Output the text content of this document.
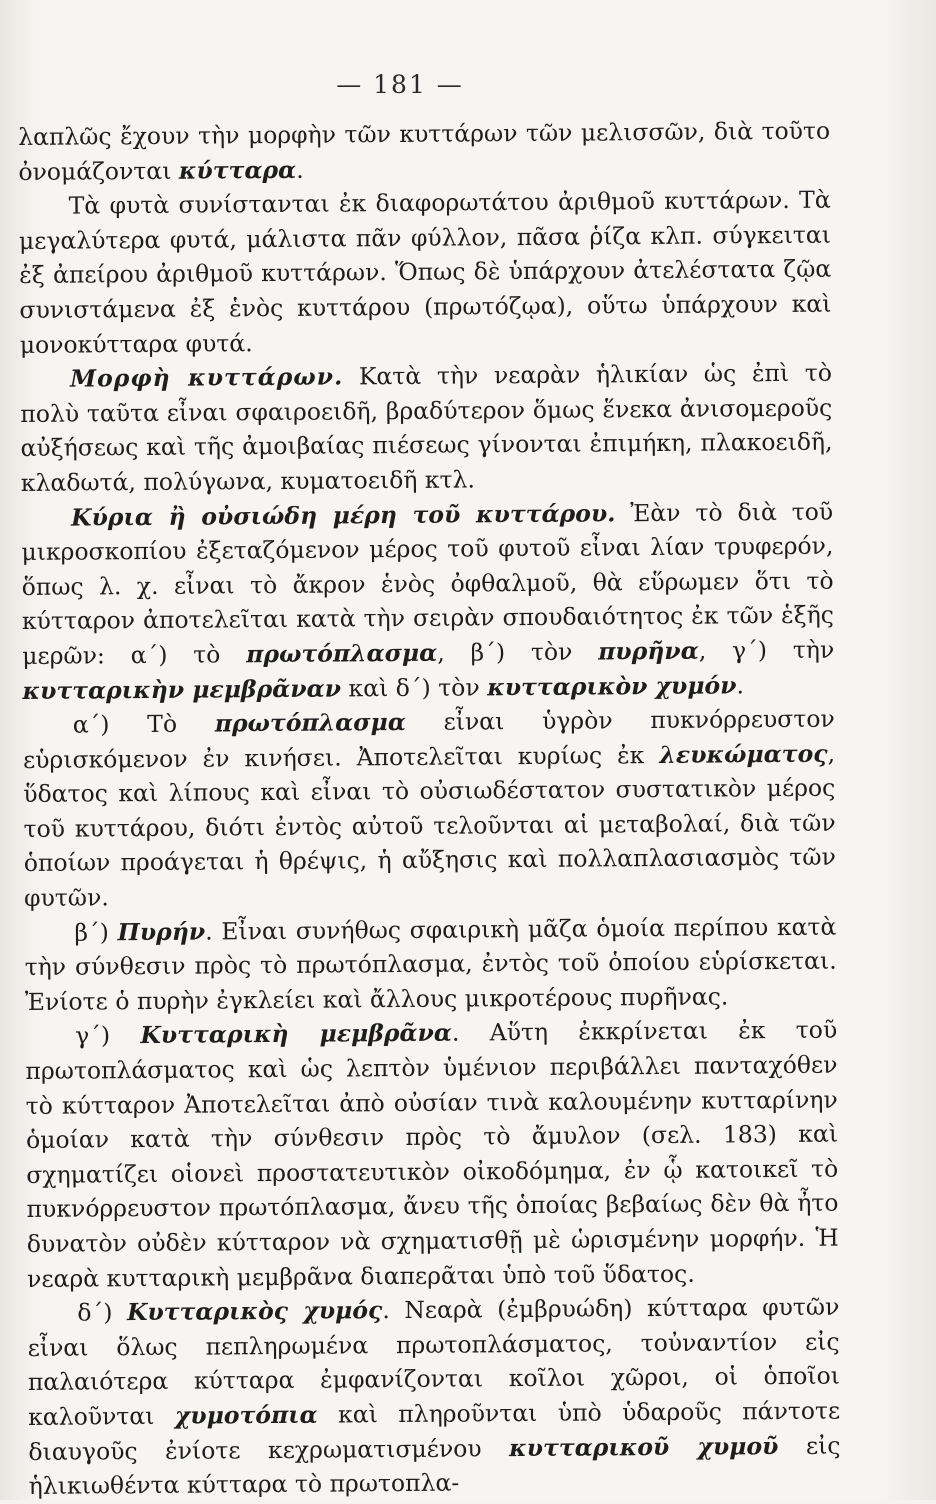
— 181 —

λαπλῶς ἔχουν τὴν μορφὴν τῶν κυττάρων τῶν μελισσῶν, διὰ τοῦτο ὀνομάζονται κύτταρα.

Τὰ φυτὰ συνίστανται ἐκ διαφορωτάτου ἀριθμοῦ κυττάρων. Τὰ μεγαλύτερα φυτά, μάλιστα πᾶν φύλλον, πᾶσα ῥίζα κλπ. σύγκειται ἐξ ἀπείρου ἀριθμοῦ κυττάρων. Ὅπως δὲ ὑπάρχουν ἀτελέστατα ζῷα συνιστάμενα ἐξ ἑνὸς κυττάρου (πρωτόζῳα), οὕτω ὑπάρχουν καὶ μονοκύτταρα φυτά.

Μορφὴ κυττάρων. Κατὰ τὴν νεαρὰν ἡλικίαν ὡς ἐπὶ τὸ πολὺ ταῦτα εἶναι σφαιροειδῆ, βραδύτερον ὅμως ἕνεκα ἀνισομεροῦς αὐξήσεως καὶ τῆς ἀμοιβαίας πιέσεως γίνονται ἐπιμήκη, πλακοειδῆ, κλαδωτά, πολύγωνα, κυματοειδῆ κτλ.

Κύρια ἢ οὐσιώδη μέρη τοῦ κυττάρου. Ἐὰν τὸ διὰ τοῦ μικροσκοπίου ἐξεταζόμενον μέρος τοῦ φυτοῦ εἶναι λίαν τρυφερόν, ὅπως λ. χ. εἶναι τὸ ἄκρον ἑνὸς ὀφθαλμοῦ, θὰ εὕρωμεν ὅτι τὸ κύτταρον ἀποτελεῖται κατὰ τὴν σειρὰν σπουδαιότητος ἐκ τῶν ἑξῆς μερῶν: α΄) τὸ πρωτόπλασμα, β΄) τὸν πυρῆνα, γ΄) τὴν κυτταρικὴν μεμβρᾶναν καὶ δ΄) τὸν κυτταρικὸν χυμόν.

α΄) Τὸ πρωτόπλασμα εἶναι ὑγρὸν πυκνόρρευστον εὑρισκόμενον ἐν κινήσει. Ἀποτελεῖται κυρίως ἐκ λευκώματος, ὕδατος καὶ λίπους καὶ εἶναι τὸ οὐσιωδέστατον συστατικὸν μέρος τοῦ κυττάρου, διότι ἐντὸς αὐτοῦ τελοῦνται αἱ μεταβολαί, διὰ τῶν ὁποίων προάγεται ἡ θρέψις, ἡ αὔξησις καὶ πολλαπλασιασμὸς τῶν φυτῶν.

β΄) Πυρήν. Εἶναι συνήθως σφαιρικὴ μᾶζα ὁμοία περίπου κατὰ τὴν σύνθεσιν πρὸς τὸ πρωτόπλασμα, ἐντὸς τοῦ ὁποίου εὑρίσκεται. Ἐνίοτε ὁ πυρὴν ἐγκλείει καὶ ἄλλους μικροτέρους πυρῆνας.

γ΄) Κυτταρικὴ μεμβρᾶνα. Αὕτη ἐκκρίνεται ἐκ τοῦ πρωτοπλάσματος καὶ ὡς λεπτὸν ὑμένιον περιβάλλει πανταχόθεν τὸ κύτταρον Ἀποτελεῖται ἀπὸ οὐσίαν τινὰ καλουμένην κυτταρίνην ὁμοίαν κατὰ τὴν σύνθεσιν πρὸς τὸ ἄμυλον (σελ. 183) καὶ σχηματίζει οἱονεὶ προστατευτικὸν οἰκοδόμημα, ἐν ᾧ κατοικεῖ τὸ πυκνόρρευστον πρωτόπλασμα, ἄνευ τῆς ὁποίας βεβαίως δὲν θὰ ἦτο δυνατὸν οὐδὲν κύτταρον νὰ σχηματισθῇ μὲ ὡρισμένην μορφήν. Ἡ νεαρὰ κυτταρικὴ μεμβρᾶνα διαπερᾶται ὑπὸ τοῦ ὕδατος.

δ΄) Κυτταρικὸς χυμός. Νεαρὰ (ἐμβρυώδη) κύτταρα φυτῶν εἶναι ὅλως πεπληρωμένα πρωτοπλάσματος, τοὐναντίον εἰς παλαιότερα κύτταρα ἐμφανίζονται κοῖλοι χῶροι, οἱ ὁποῖοι καλοῦνται χυμοτόπια καὶ πληροῦνται ὑπὸ ὑδαροῦς πάντοτε διαυγοῦς ἐνίοτε κεχρωματισμένου κυτταρικοῦ χυμοῦ εἰς ἡλικιωθέντα κύτταρα τὸ πρωτοπλα-
